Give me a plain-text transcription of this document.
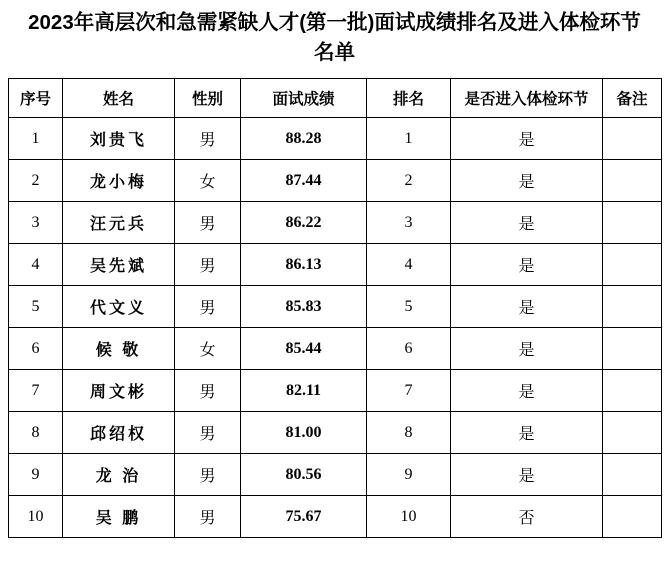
2023年高层次和急需紧缺人才(第一批)面试成绩排名及进入体检环节名单
序号	姓名	性别	面试成绩	排名	是否进入体检环节	备注
1	刘贵飞	男	88.28	1	是	
2	龙小梅	女	87.44	2	是	
3	汪元兵	男	86.22	3	是	
4	吴先斌	男	86.13	4	是	
5	代文义	男	85.83	5	是	
6	候 敬	女	85.44	6	是	
7	周文彬	男	82.11	7	是	
8	邱绍权	男	81.00	8	是	
9	龙 治	男	80.56	9	是	
10	吴 鹏	男	75.67	10	否	
